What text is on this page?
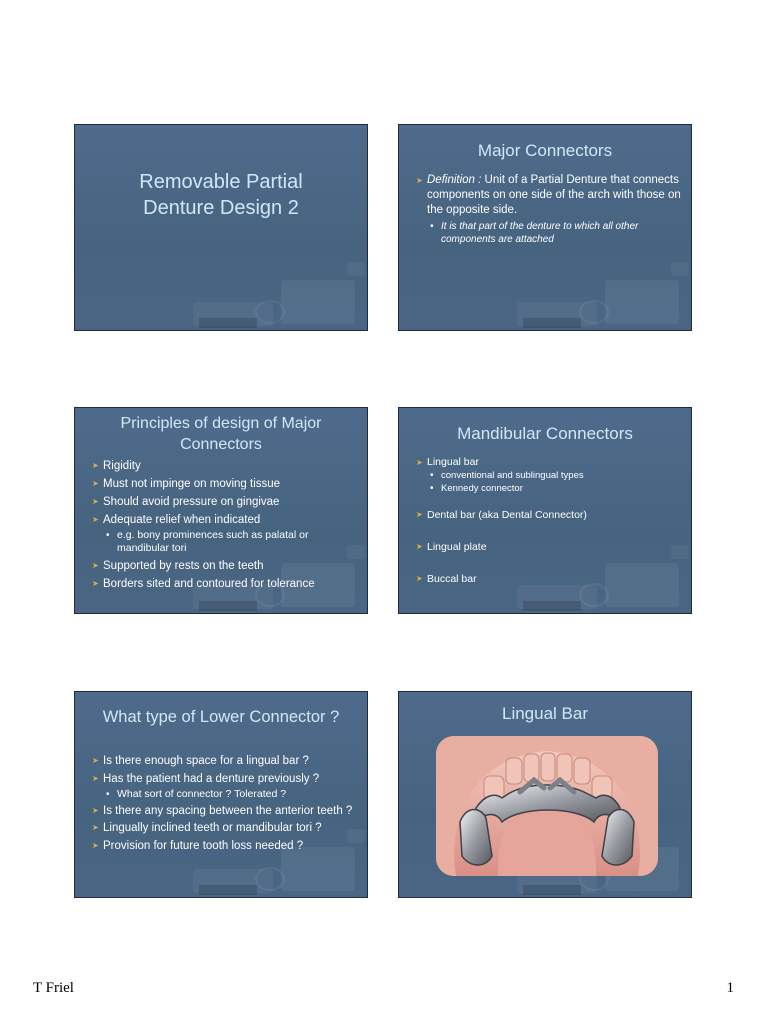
Removable Partial Denture Design 2
Major Connectors
➤ Definition : Unit of a Partial Denture that connects components on one side of the arch with those on the opposite side.
• It is that part of the denture to which all other components are attached
Principles of design of Major Connectors
➤ Rigidity
➤ Must not impinge on moving tissue
➤ Should avoid pressure on gingivae
➤ Adequate relief when indicated
• e.g. bony prominences such as palatal or mandibular tori
➤ Supported by rests on the teeth
➤ Borders sited and contoured for tolerance
Mandibular Connectors
➤ Lingual bar
• conventional and sublingual types
• Kennedy connector
➤ Dental bar (aka Dental Connector)
➤ Lingual plate
➤ Buccal bar
What type of Lower Connector ?
➤ Is there enough space for a lingual bar ?
➤ Has the patient had a denture previously ?
• What sort of connector ? Tolerated ?
➤ Is there any spacing between the anterior teeth ?
➤ Lingually inclined teeth or mandibular tori ?
➤ Provision for future tooth loss needed ?
Lingual Bar
T Friel	1
